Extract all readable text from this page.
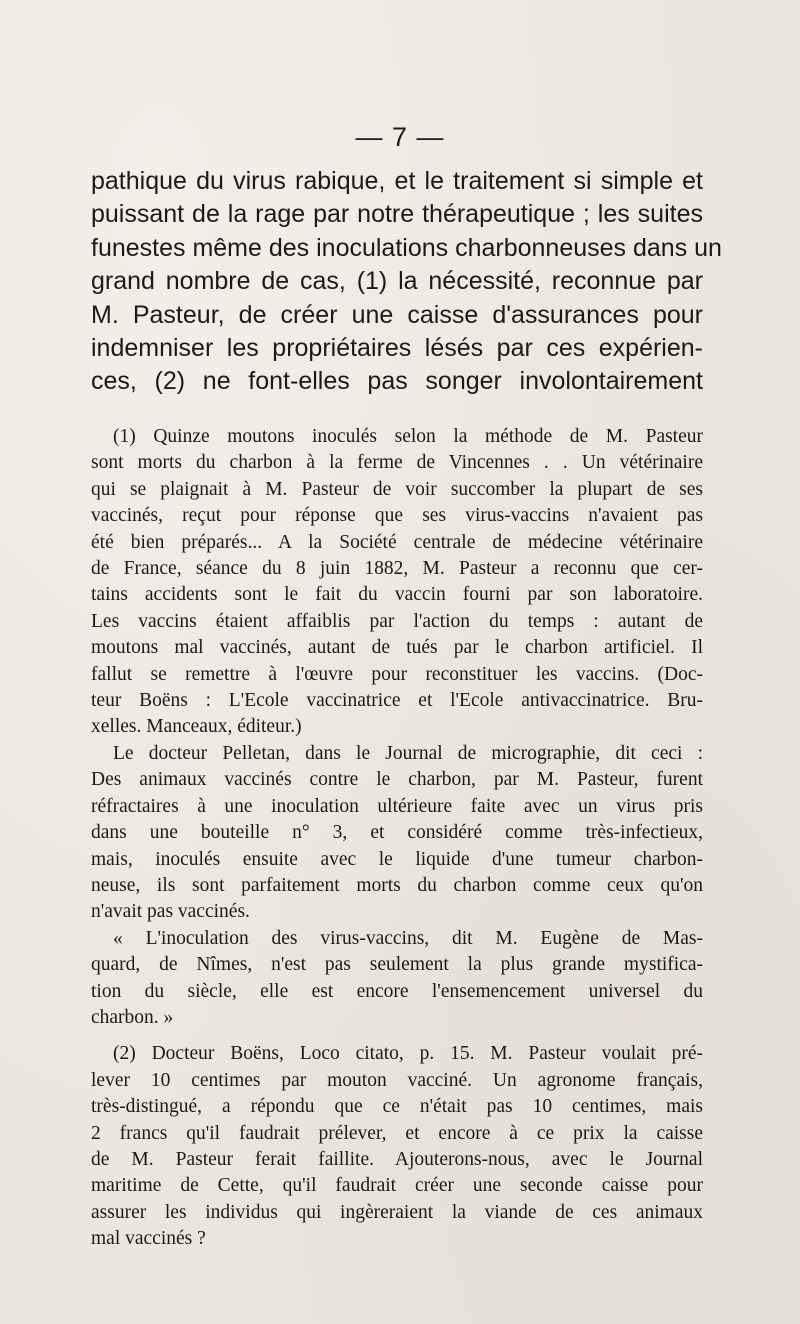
— 7 —
pathique du virus rabique, et le traitement si simple et
puissant de la rage par notre thérapeutique ; les suites
funestes même des inoculations charbonneuses dans un
grand nombre de cas, (1) la nécessité, reconnue par
M. Pasteur, de créer une caisse d'assurances pour
indemniser les propriétaires lésés par ces expérien-
ces, (2) ne font-elles pas songer involontairement
(1) Quinze moutons inoculés selon la méthode de M. Pasteur
sont morts du charbon à la ferme de Vincennes . . Un vétérinaire
qui se plaignait à M. Pasteur de voir succomber la plupart de ses
vaccinés, reçut pour réponse que ses virus-vaccins n'avaient pas
été bien préparés... A la Société centrale de médecine vétérinaire
de France, séance du 8 juin 1882, M. Pasteur a reconnu que cer-
tains accidents sont le fait du vaccin fourni par son laboratoire.
Les vaccins étaient affaiblis par l'action du temps : autant de
moutons mal vaccinés, autant de tués par le charbon artificiel. Il
fallut se remettre à l'œuvre pour reconstituer les vaccins. (Doc-
teur Boëns : L'Ecole vaccinatrice et l'Ecole antivaccinatrice. Bru-
xelles. Manceaux, éditeur.)
Le docteur Pelletan, dans le Journal de micrographie, dit ceci :
Des animaux vaccinés contre le charbon, par M. Pasteur, furent
réfractaires à une inoculation ultérieure faite avec un virus pris
dans une bouteille n° 3, et considéré comme très-infectieux,
mais, inoculés ensuite avec le liquide d'une tumeur charbon-
neuse, ils sont parfaitement morts du charbon comme ceux qu'on
n'avait pas vaccinés.
« L'inoculation des virus-vaccins, dit M. Eugène de Mas-
quard, de Nîmes, n'est pas seulement la plus grande mystifica-
tion du siècle, elle est encore l'ensemencement universel du
charbon. »
(2) Docteur Boëns, Loco citato, p. 15. M. Pasteur voulait pré-
lever 10 centimes par mouton vacciné. Un agronome français,
très-distingué, a répondu que ce n'était pas 10 centimes, mais
2 francs qu'il faudrait prélever, et encore à ce prix la caisse
de M. Pasteur ferait faillite. Ajouterons-nous, avec le Journal
maritime de Cette, qu'il faudrait créer une seconde caisse pour
assurer les individus qui ingèreraient la viande de ces animaux
mal vaccinés ?
